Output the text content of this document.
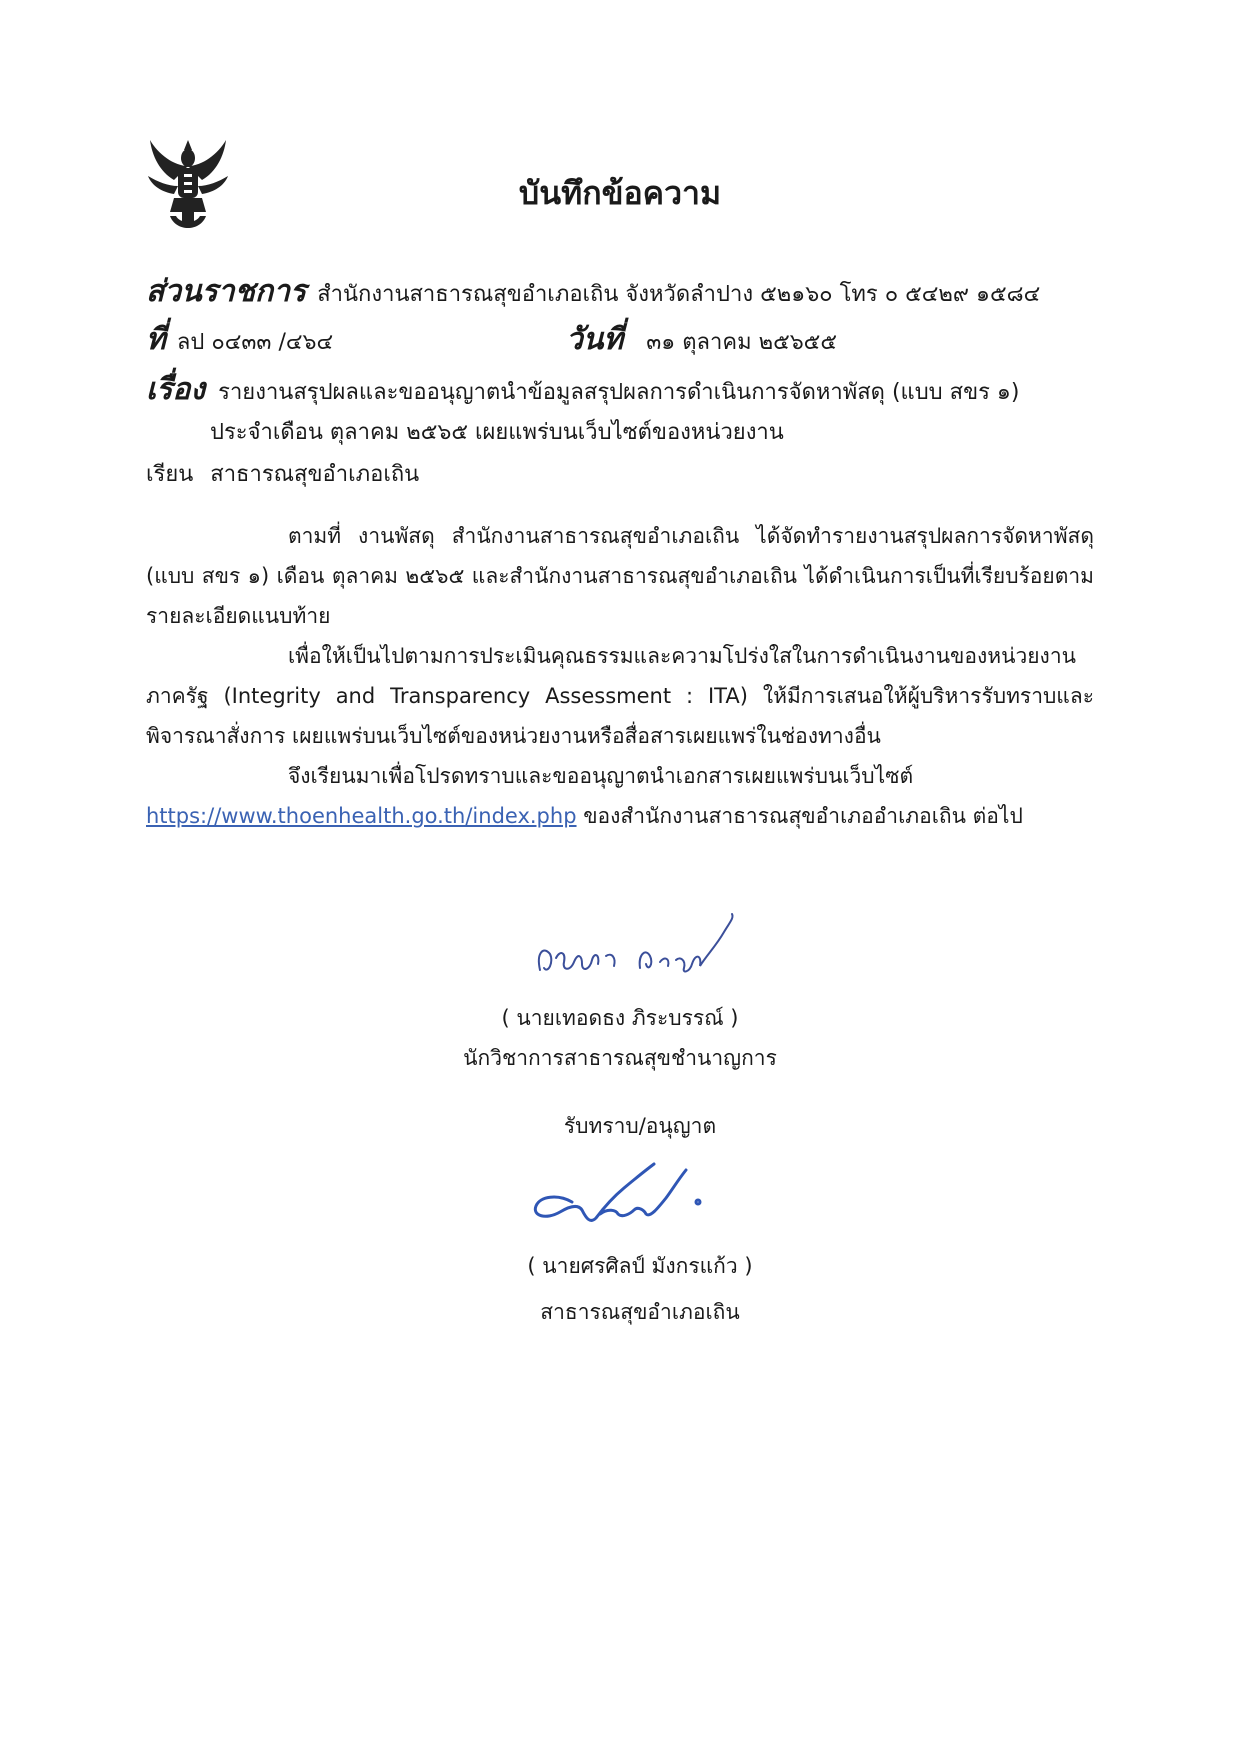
บันทึกข้อความ
ส่วนราชการ สำนักงานสาธารณสุขอำเภอเถิน จังหวัดลำปาง ๕๒๑๖๐ โทร ๐ ๕๔๒๙ ๑๕๘๔
ที่ ลป ๐๔๓๓ /๔๖๔	วันที่ ๓๑ ตุลาคม ๒๕๖๕๕
เรื่อง รายงานสรุปผลและขออนุญาตนำข้อมูลสรุปผลการดำเนินการจัดหาพัสดุ (แบบ สขร ๑)
ประจำเดือน ตุลาคม ๒๕๖๕ เผยแพร่บนเว็บไซต์ของหน่วยงาน
เรียน สาธารณสุขอำเภอเถิน
ตามที่ งานพัสดุ สำนักงานสาธารณสุขอำเภอเถิน ได้จัดทำรายงานสรุปผลการจัดหาพัสดุ (แบบ สขร ๑) เดือน ตุลาคม ๒๕๖๕ และสำนักงานสาธารณสุขอำเภอเถิน ได้ดำเนินการเป็นที่เรียบร้อยตามรายละเอียดแนบท้าย
เพื่อให้เป็นไปตามการประเมินคุณธรรมและความโปร่งใสในการดำเนินงานของหน่วยงานภาครัฐ (Integrity and Transparency Assessment : ITA) ให้มีการเสนอให้ผู้บริหารรับทราบและพิจารณาสั่งการ เผยแพร่บนเว็บไซต์ของหน่วยงานหรือสื่อสารเผยแพร่ในช่องทางอื่น
จึงเรียนมาเพื่อโปรดทราบและขออนุญาตนำเอกสารเผยแพร่บนเว็บไซต์
https://www.thoenhealth.go.th/index.php ของสำนักงานสาธารณสุขอำเภออำเภอเถิน ต่อไป
( นายเทอดธง ภิระบรรณ์ )
นักวิชาการสาธารณสุขชำนาญการ
รับทราบ/อนุญาต
( นายศรศิลป์ มังกรแก้ว )
สาธารณสุขอำเภอเถิน
